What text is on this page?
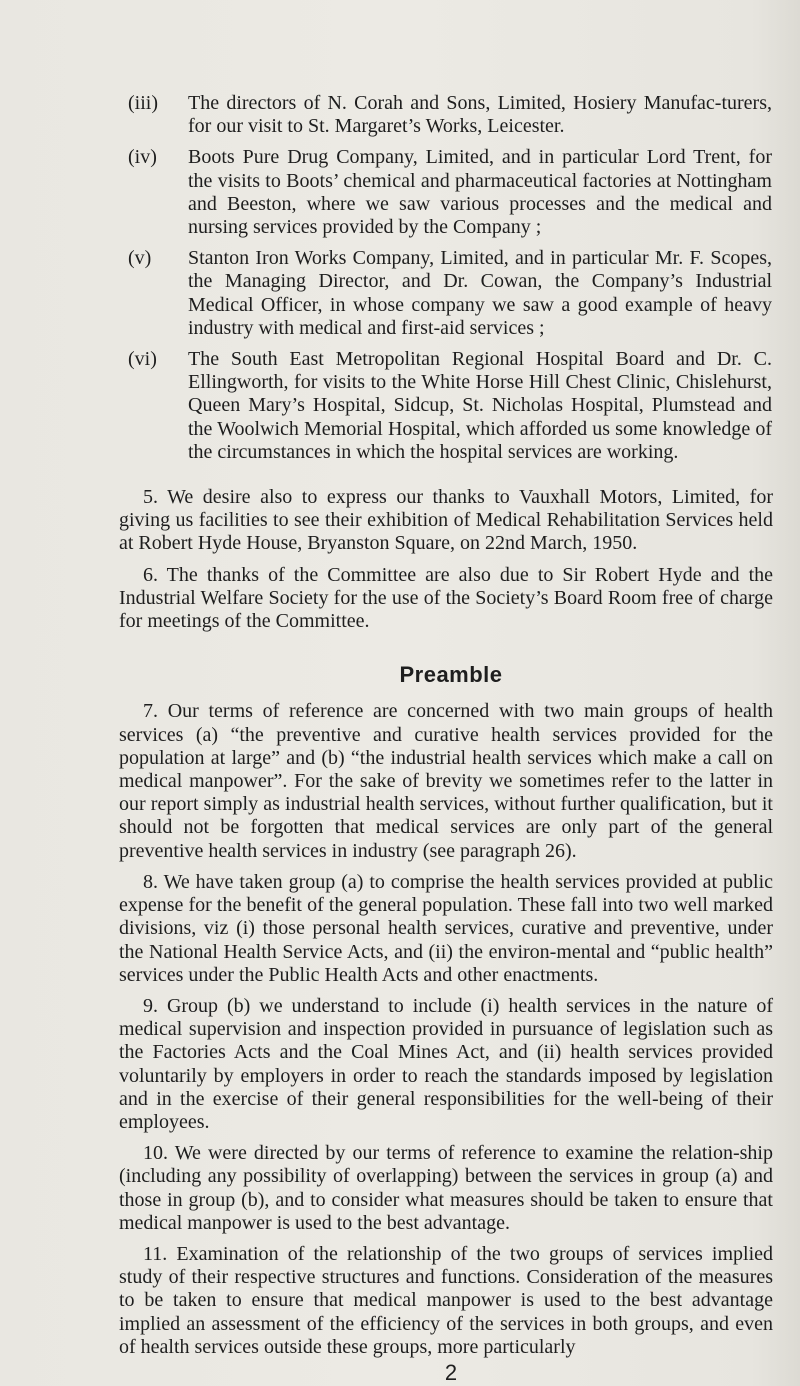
(iii) The directors of N. Corah and Sons, Limited, Hosiery Manufac-turers, for our visit to St. Margaret’s Works, Leicester.
(iv) Boots Pure Drug Company, Limited, and in particular Lord Trent, for the visits to Boots’ chemical and pharmaceutical factories at Nottingham and Beeston, where we saw various processes and the medical and nursing services provided by the Company ;
(v) Stanton Iron Works Company, Limited, and in particular Mr. F. Scopes, the Managing Director, and Dr. Cowan, the Company’s Industrial Medical Officer, in whose company we saw a good example of heavy industry with medical and first-aid services ;
(vi) The South East Metropolitan Regional Hospital Board and Dr. C. Ellingworth, for visits to the White Horse Hill Chest Clinic, Chislehurst, Queen Mary’s Hospital, Sidcup, St. Nicholas Hospital, Plumstead and the Woolwich Memorial Hospital, which afforded us some knowledge of the circumstances in which the hospital services are working.

5. We desire also to express our thanks to Vauxhall Motors, Limited, for giving us facilities to see their exhibition of Medical Rehabilitation Services held at Robert Hyde House, Bryanston Square, on 22nd March, 1950.

6. The thanks of the Committee are also due to Sir Robert Hyde and the Industrial Welfare Society for the use of the Society’s Board Room free of charge for meetings of the Committee.

Preamble

7. Our terms of reference are concerned with two main groups of health services (a) “the preventive and curative health services provided for the population at large” and (b) “the industrial health services which make a call on medical manpower”. For the sake of brevity we sometimes refer to the latter in our report simply as industrial health services, without further qualification, but it should not be forgotten that medical services are only part of the general preventive health services in industry (see paragraph 26).

8. We have taken group (a) to comprise the health services provided at public expense for the benefit of the general population. These fall into two well marked divisions, viz (i) those personal health services, curative and preventive, under the National Health Service Acts, and (ii) the environ-mental and “public health” services under the Public Health Acts and other enactments.

9. Group (b) we understand to include (i) health services in the nature of medical supervision and inspection provided in pursuance of legislation such as the Factories Acts and the Coal Mines Act, and (ii) health services provided voluntarily by employers in order to reach the standards imposed by legislation and in the exercise of their general responsibilities for the well-being of their employees.

10. We were directed by our terms of reference to examine the relation-ship (including any possibility of overlapping) between the services in group (a) and those in group (b), and to consider what measures should be taken to ensure that medical manpower is used to the best advantage.

11. Examination of the relationship of the two groups of services implied study of their respective structures and functions. Consideration of the measures to be taken to ensure that medical manpower is used to the best advantage implied an assessment of the efficiency of the services in both groups, and even of health services outside these groups, more particularly

2
